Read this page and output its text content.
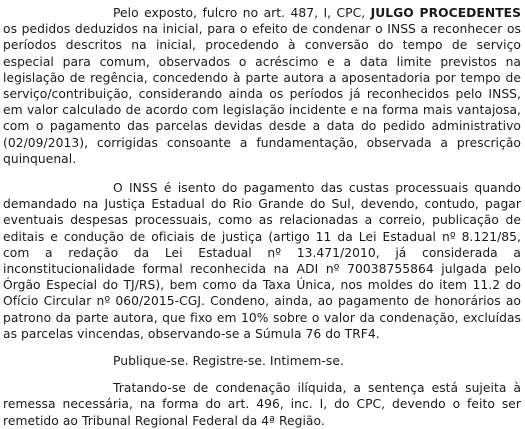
Pelo exposto, fulcro no art. 487, I, CPC, JULGO PROCEDENTES os pedidos deduzidos na inicial, para o efeito de condenar o INSS a reconhecer os períodos descritos na inicial, procedendo à conversão do tempo de serviço especial para comum, observados o acréscimo e a data limite previstos na legislação de regência, concedendo à parte autora a aposentadoria por tempo de serviço/contribuição, considerando ainda os períodos já reconhecidos pelo INSS, em valor calculado de acordo com legislação incidente e na forma mais vantajosa, com o pagamento das parcelas devidas desde a data do pedido administrativo (02/09/2013), corrigidas consoante a fundamentação, observada a prescrição quinquenal.

O INSS é isento do pagamento das custas processuais quando demandado na Justiça Estadual do Rio Grande do Sul, devendo, contudo, pagar eventuais despesas processuais, como as relacionadas a correio, publicação de editais e condução de oficiais de justiça (artigo 11 da Lei Estadual nº 8.121/85, com a redação da Lei Estadual nº 13.471/2010, já considerada a inconstitucionalidade formal reconhecida na ADI nº 70038755864 julgada pelo Órgão Especial do TJ/RS), bem como da Taxa Única, nos moldes do item 11.2 do Ofício Circular nº 060/2015-CGJ. Condeno, ainda, ao pagamento de honorários ao patrono da parte autora, que fixo em 10% sobre o valor da condenação, excluídas as parcelas vincendas, observando-se a Súmula 76 do TRF4.

Publique-se. Registre-se. Intimem-se.

Tratando-se de condenação ilíquida, a sentença está sujeita à remessa necessária, na forma do art. 496, inc. I, do CPC, devendo o feito ser remetido ao Tribunal Regional Federal da 4ª Região.
